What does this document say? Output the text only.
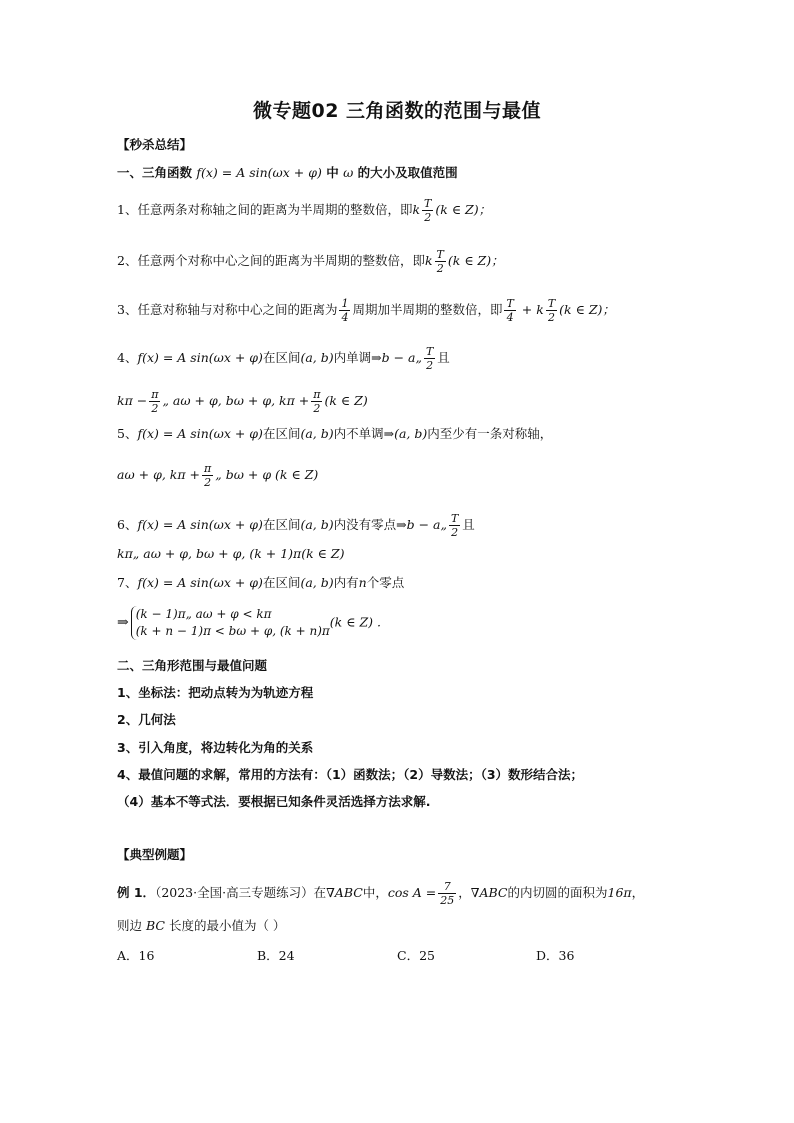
微专题02 三角函数的范围与最值
【秒杀总结】
一、三角函数 f(x) = A sin(ωx + φ) 中 ω 的大小及取值范围
1、任意两条对称轴之间的距离为半周期的整数倍，即k $\frac{T}{2} (k$ ∈ Z)；
2、任意两个对称中心之间的距离为半周期的整数倍，即k $\frac{T}{2} (k$ ∈ Z)；
3、任意对称轴与对称中心之间的距离为 $\frac{1}{4}$ 周期加半周期的整数倍，即 $\frac{T}{4} + k \frac{T}{2} (k$ ∈ Z)；
4、f(x) = A sin(ωx + φ)在区间(a, b)内单调⇒b − a„ $\frac{T}{2}$ 且
$k\pi - \frac{\pi}{2}$ „ aω + φ, bω + φ, $k\pi + \frac{\pi}{2} (k$ ∈ Z)
5、f(x) = A sin(ωx + φ)在区间(a, b)内不单调⇒(a, b)内至少有一条对称轴，
aω + φ, $k\pi + \frac{\pi}{2}$ „ bω + φ (k ∈ Z)
6、f(x) = A sin(ωx + φ)在区间(a, b)内没有零点⇒b − a„ $\frac{T}{2}$ 且
kπ„ aω + φ, bω + φ, (k + 1)π(k ∈ Z)
7、f(x) = A sin(ωx + φ)在区间(a, b)内有n个零点
⇒
(k − 1)π„ aω + φ < kπ
(k + n − 1)π < bω + φ, (k + n)π
(k ∈ Z) .
二、三角形范围与最值问题
1、坐标法：把动点转为为轨迹方程
2、几何法
3、引入角度，将边转化为角的关系
4、最值问题的求解，常用的方法有：（1）函数法；（2）导数法；（3）数形结合法；
（4）基本不等式法．要根据已知条件灵活选择方法求解.
【典型例题】
例 1．（2023·全国·高三专题练习）在∇ABC中，$\cos A = \frac{7}{25}$ ，∇ABC的内切圆的面积为16π，
则边 BC 长度的最小值为（ ）
A．16	B．24	C．25	D．36
